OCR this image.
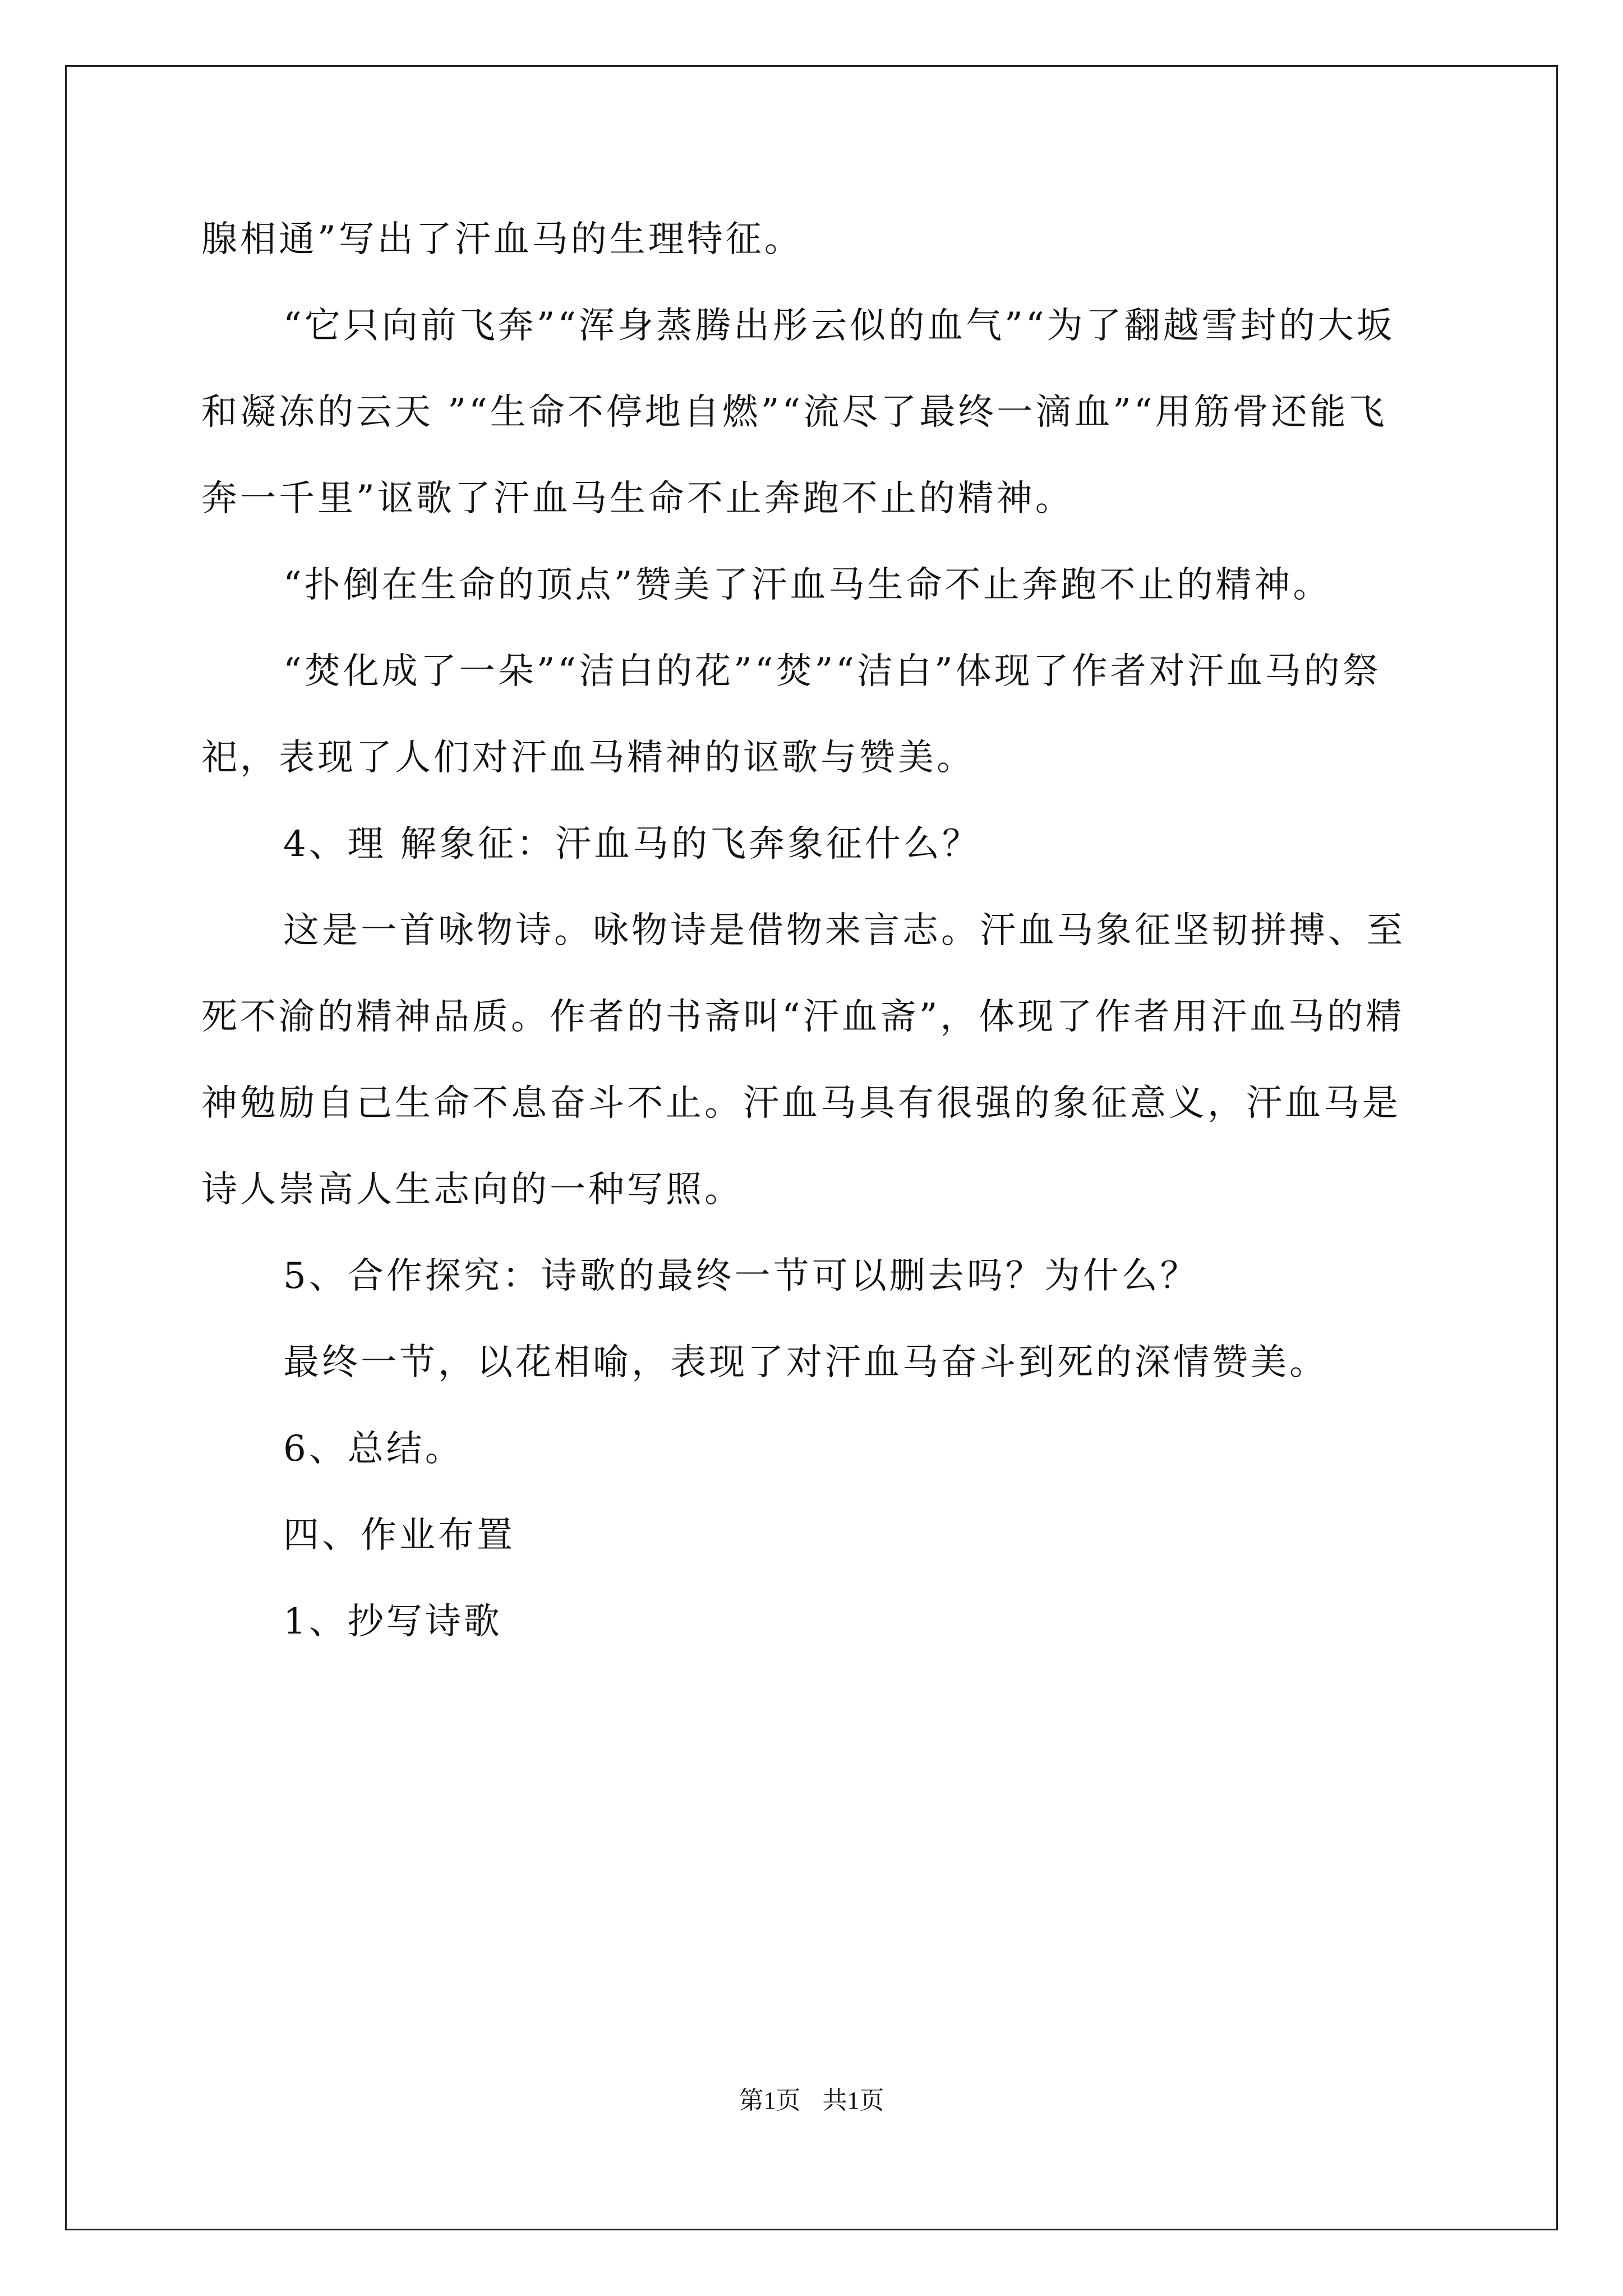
腺相通”写出了汗血马的生理特征。

“它只向前飞奔”“浑身蒸腾出彤云似的血气”“为了翻越雪封的大坂和凝冻的云天 ”“生命不停地自燃”“流尽了最终一滴血”“用筋骨还能飞奔一千里”讴歌了汗血马生命不止奔跑不止的精神。

“扑倒在生命的顶点”赞美了汗血马生命不止奔跑不止的精神。

“焚化成了一朵”“洁白的花”“焚”“洁白”体现了作者对汗血马的祭祀，表现了人们对汗血马精神的讴歌与赞美。

4、理 解象征：汗血马的飞奔象征什么？

这是一首咏物诗。咏物诗是借物来言志。汗血马象征坚韧拼搏、至死不渝的精神品质。作者的书斋叫“汗血斋”，体现了作者用汗血马的精神勉励自己生命不息奋斗不止。汗血马具有很强的象征意义，汗血马是诗人崇高人生志向的一种写照。

5、合作探究：诗歌的最终一节可以删去吗？为什么？

最终一节，以花相喻，表现了对汗血马奋斗到死的深情赞美。

6、总结。

四、作业布置

1、抄写诗歌

第1页 共1页
